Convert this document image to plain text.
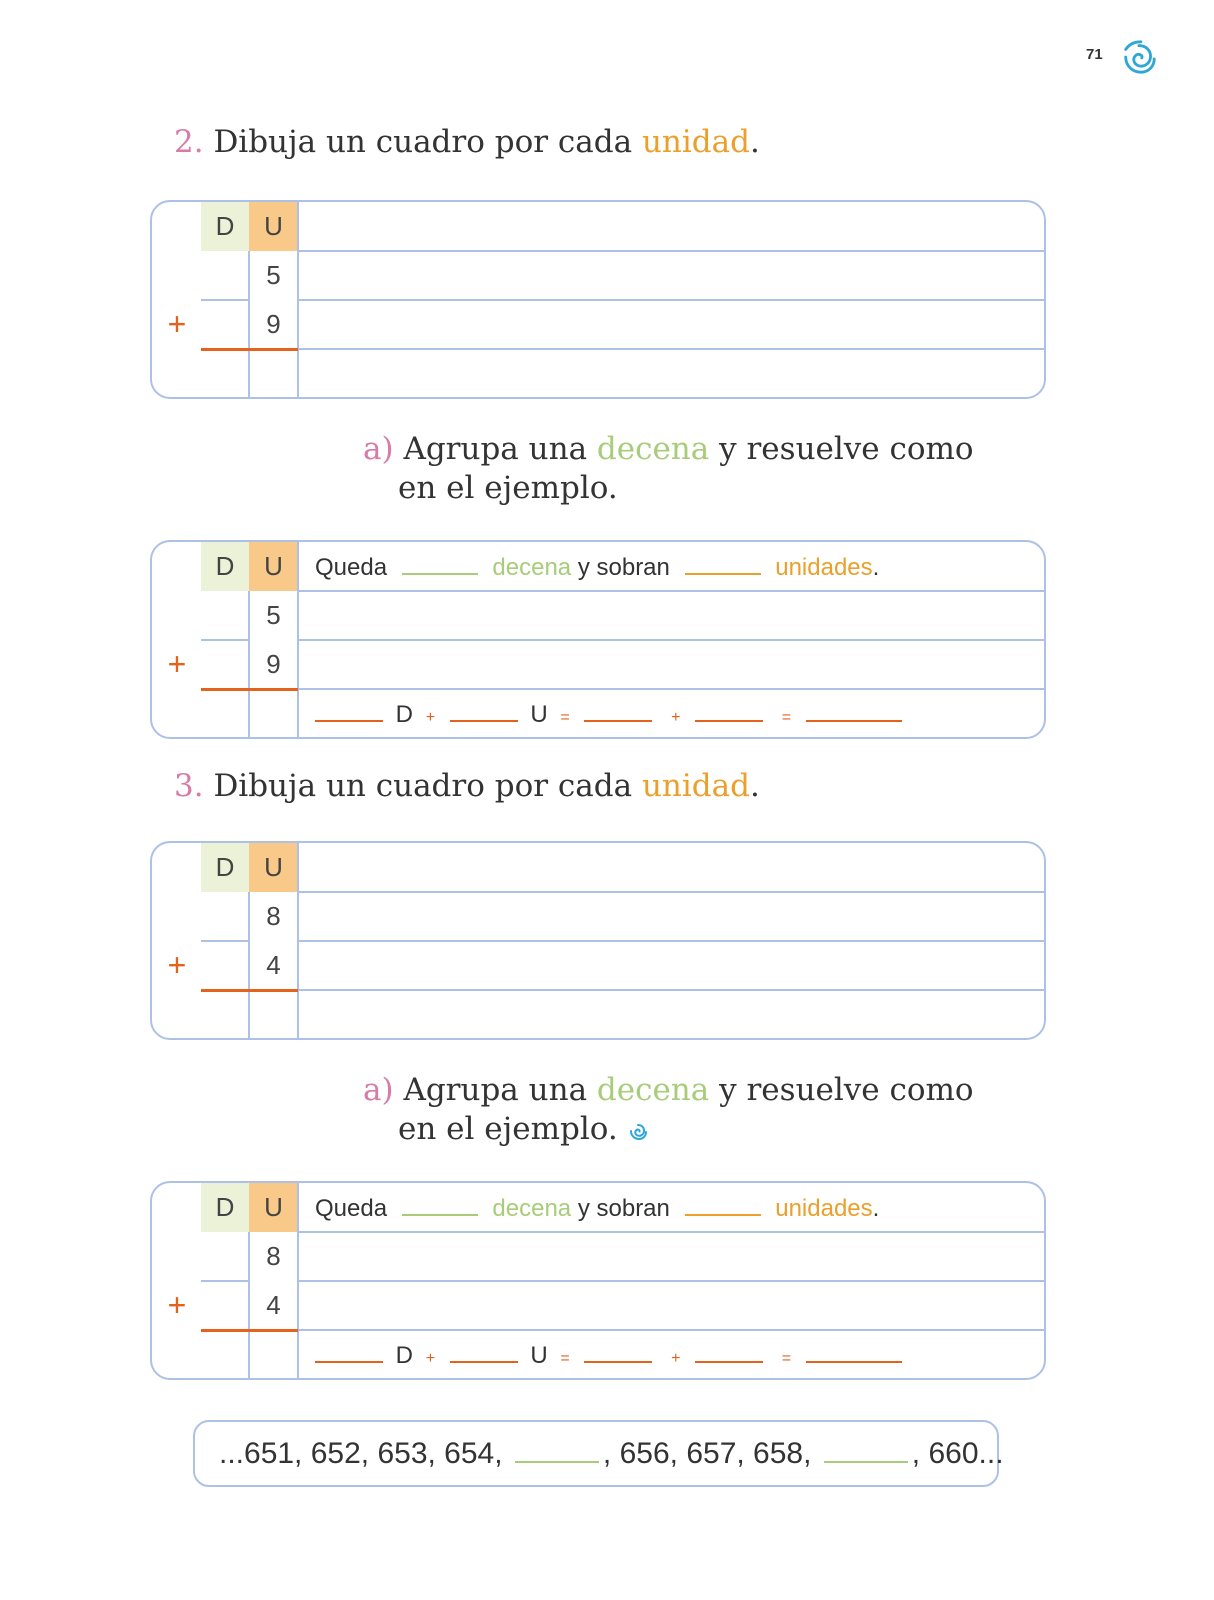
71
2. Dibuja un cuadro por cada unidad.
D	U
5
9
+
a) Agrupa una decena y resuelve como
en el ejemplo.
D	U
5
9
+
Queda	decena y sobran	unidades.
D +	U =	+	=
3. Dibuja un cuadro por cada unidad.
D	U
8
4
+
a) Agrupa una decena y resuelve como
en el ejemplo.
D	U
8
4
+
Queda	decena y sobran	unidades.
D +	U =	+	=
...651, 652, 653, 654,	, 656, 657, 658,	, 660...
